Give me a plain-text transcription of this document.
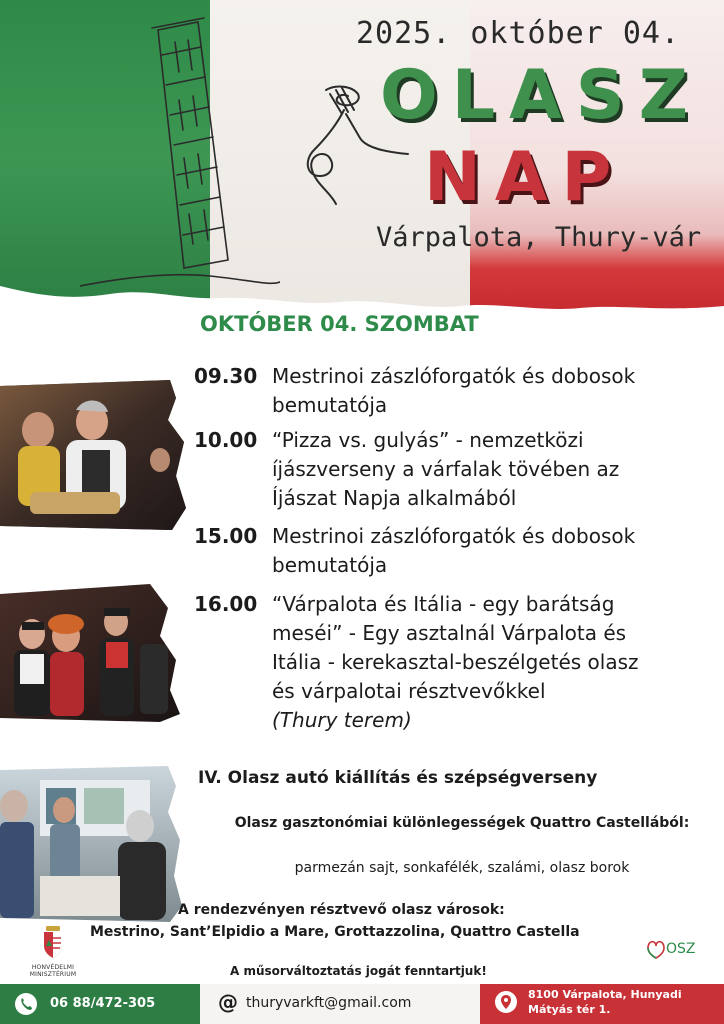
2025. október 04.
OLASZ
NAP
Várpalota, Thury-vár
OKTÓBER 04. SZOMBAT
09.30 Mestrinoi zászlóforgatók és dobosok
bemutatója
10.00 “Pizza vs. gulyás” - nemzetközi
íjászverseny a várfalak tövében az
Íjászat Napja alkalmából
15.00 Mestrinoi zászlóforgatók és dobosok
bemutatója
16.00 “Várpalota és Itália - egy barátság
meséi” - Egy asztalnál Várpalota és
Itália - kerekasztal-beszélgetés olasz
és várpalotai résztvevőkkel
(Thury terem)
IV. Olasz autó kiállítás és szépségverseny
Olasz gasztonómiai különlegességek Quattro Castellából:
parmezán sajt, sonkafélék, szalámi, olasz borok
A rendezvényen résztvevő olasz városok:
Mestrino, Sant’Elpidio a Mare, Grottazzolina, Quattro Castella
A műsorváltoztatás jogát fenntartjuk!
HONVÉDELMI MINISZTÉRIUM
OSZ
06 88/472-305	@ thuryvarkft@gmail.com
8100 Várpalota, Hunyadi
Mátyás tér 1.
